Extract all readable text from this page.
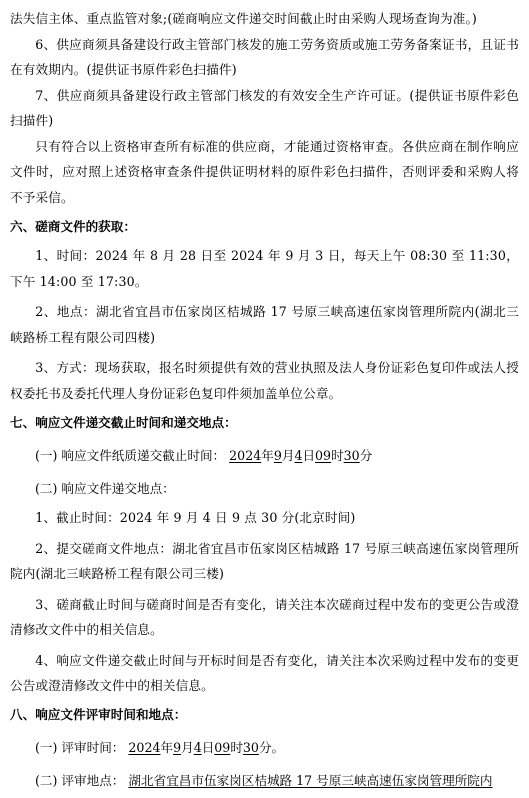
法失信主体、重点监管对象;(磋商响应文件递交时间截止时由采购人现场查询为准。)

6、供应商须具备建设行政主管部门核发的施工劳务资质或施工劳务备案证书，且证书在有效期内。(提供证书原件彩色扫描件)

7、供应商须具备建设行政主管部门核发的有效安全生产许可证。(提供证书原件彩色扫描件)

只有符合以上资格审查所有标准的供应商，才能通过资格审查。各供应商在制作响应文件时，应对照上述资格审查条件提供证明材料的原件彩色扫描件，否则评委和采购人将不予采信。

六、磋商文件的获取：

1、时间：2024 年 8 月 28 日至 2024 年 9 月 3 日，每天上午 08:30 至 11:30，下午 14:00 至 17:30。

2、地点：湖北省宜昌市伍家岗区桔城路 17 号原三峡高速伍家岗管理所院内(湖北三峡路桥工程有限公司四楼)

3、方式：现场获取，报名时须提供有效的营业执照及法人身份证彩色复印件或法人授权委托书及委托代理人身份证彩色复印件须加盖单位公章。

七、响应文件递交截止时间和递交地点：
(一) 响应文件纸质递交截止时间：
2024 年 9 月 4 日 09 时 30 分
(二) 响应文件递交地点：

1、截止时间：2024 年 9 月 4 日 9 点 30 分(北京时间)

2、提交磋商文件地点：湖北省宜昌市伍家岗区桔城路 17 号原三峡高速伍家岗管理所院内(湖北三峡路桥工程有限公司三楼)

3、磋商截止时间与磋商时间是否有变化，请关注本次磋商过程中发布的变更公告或澄清修改文件中的相关信息。

4、响应文件递交截止时间与开标时间是否有变化，请关注本次采购过程中发布的变更公告或澄清修改文件中的相关信息。

八、响应文件评审时间和地点：
(一) 评审时间：
2024 年 9 月 4 日 09 时 30 分。
(二) 评审地点：
湖北省宜昌市伍家岗区桔城路 17 号原三峡高速伍家岗管理所院内
